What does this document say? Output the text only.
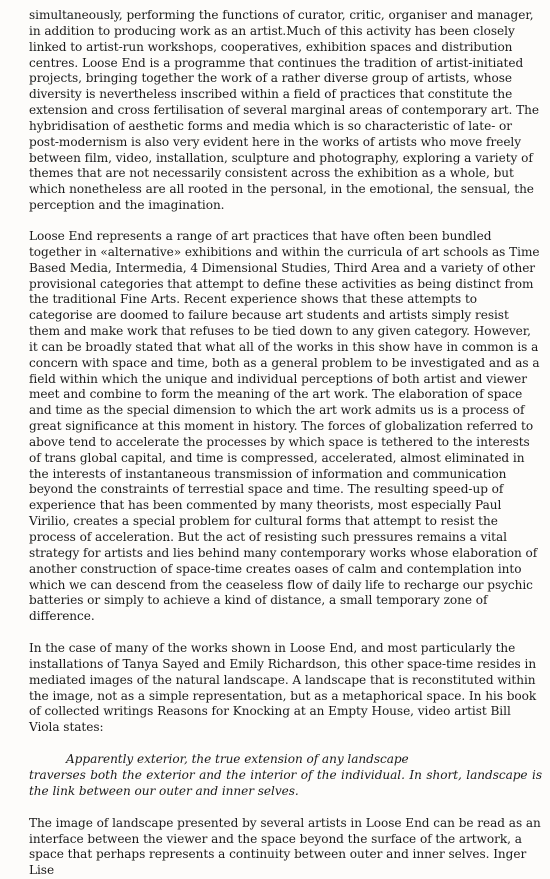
simultaneously, performing the functions of curator, critic, organiser and manager, in addition to producing work as an artist.Much of this activity has been closely linked to artist-run workshops, cooperatives, exhibition spaces and distribution centres. Loose End is a programme that continues the tradition of artist-initiated projects, bringing together the work of a rather diverse group of artists, whose diversity is nevertheless inscribed within a field of practices that constitute the extension and cross fertilisation of several marginal areas of contemporary art. The hybridisation of aesthetic forms and media which is so characteristic of late- or post-modernism is also very evident here in the works of artists who move freely between film, video, installation, sculpture and photography, exploring a variety of themes that are not necessarily consistent across the exhibition as a whole, but which nonetheless are all rooted in the personal, in the emotional, the sensual, the perception and the imagination.

Loose End represents a range of art practices that have often been bundled together in «alternative» exhibitions and within the curricula of art schools as Time Based Media, Intermedia, 4 Dimensional Studies, Third Area and a variety of other provisional categories that attempt to define these activities as being distinct from the traditional Fine Arts. Recent experience shows that these attempts to categorise are doomed to failure because art students and artists simply resist them and make work that refuses to be tied down to any given category. However, it can be broadly stated that what all of the works in this show have in common is a concern with space and time, both as a general problem to be investigated and as a field within which the unique and individual perceptions of both artist and viewer meet and combine to form the meaning of the art work. The elaboration of space and time as the special dimension to which the art work admits us is a process of great significance at this moment in history. The forces of globalization referred to above tend to accelerate the processes by which space is tethered to the interests of trans global capital, and time is compressed, accelerated, almost eliminated in the interests of instantaneous transmission of information and communication beyond the constraints of terrestial space and time. The resulting speed-up of experience that has been commented by many theorists, most especially Paul Virilio, creates a special problem for cultural forms that attempt to resist the process of acceleration. But the act of resisting such pressures remains a vital strategy for artists and lies behind many contemporary works whose elaboration of another construction of space-time creates oases of calm and contemplation into which we can descend from the ceaseless flow of daily life to recharge our psychic batteries or simply to achieve a kind of distance, a small temporary zone of difference.

In the case of many of the works shown in Loose End, and most particularly the installations of Tanya Sayed and Emily Richardson, this other space-time resides in mediated images of the natural landscape. A landscape that is reconstituted within the image, not as a simple representation, but as a metaphorical space. In his book of collected writings Reasons for Knocking at an Empty House, video artist Bill Viola states:

Apparently exterior, the true extension of any landscape
traverses both the exterior and the interior of the individual. In short, landscape is the link between our outer and inner selves.

The image of landscape presented by several artists in Loose End can be read as an interface between the viewer and the space beyond the surface of the artwork, a space that perhaps represents a continuity between outer and inner selves. Inger Lise
